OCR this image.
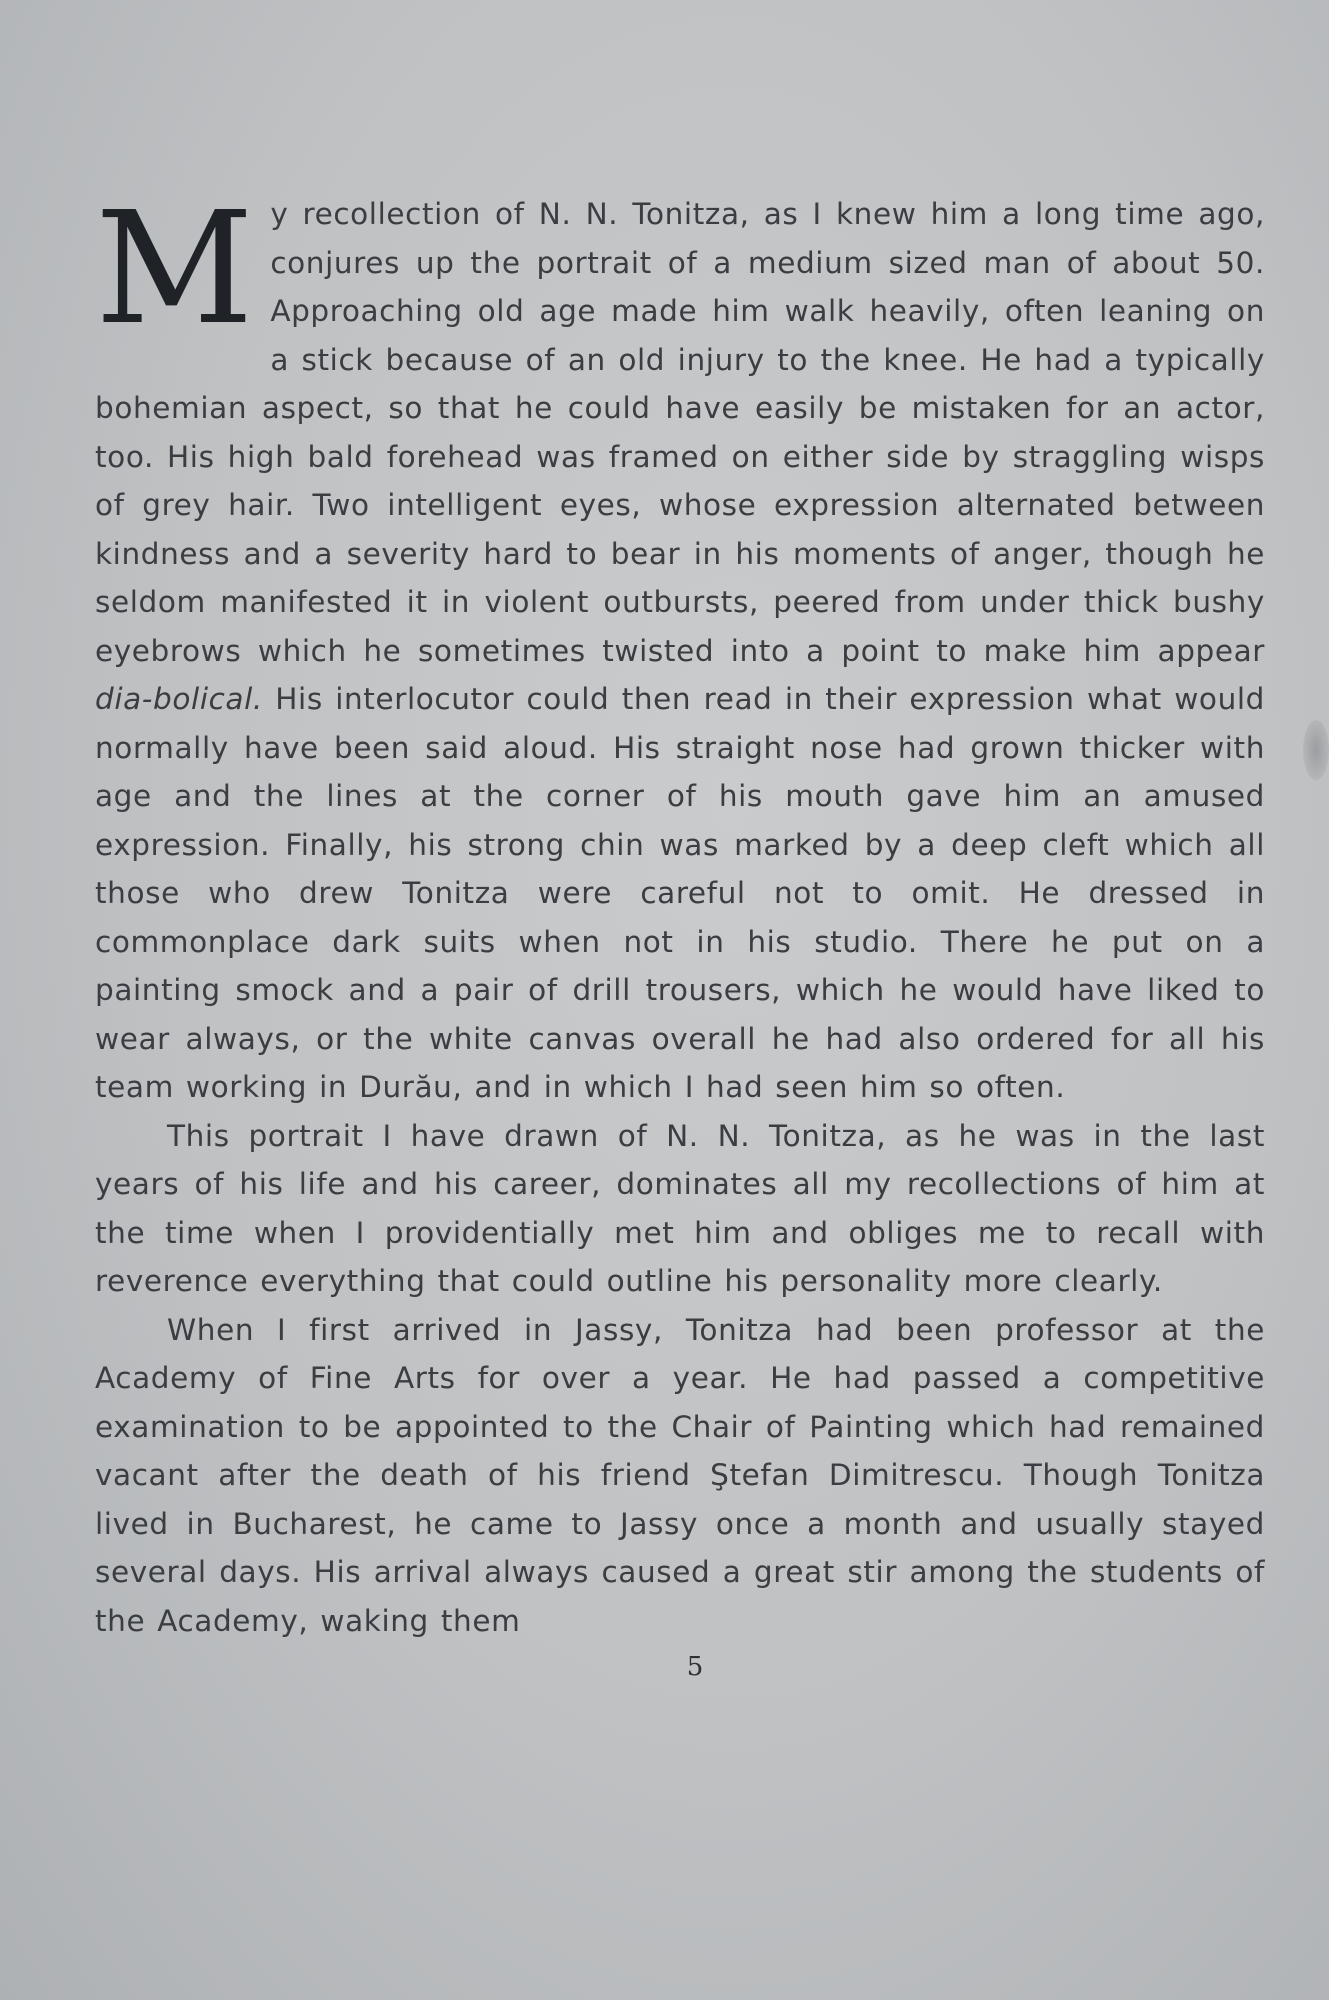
My recollection of N. N. Tonitza, as I knew him a long time ago, conjures up the portrait of a medium sized man of about 50. Approaching old age made him walk heavily, often leaning on a stick because of an old injury to the knee. He had a typically bohemian aspect, so that he could have easily be mistaken for an actor, too. His high bald forehead was framed on either side by straggling wisps of grey hair. Two intelligent eyes, whose expression alternated between kindness and a severity hard to bear in his moments of anger, though he seldom manifested it in violent outbursts, peered from under thick bushy eyebrows which he sometimes twisted into a point to make him appear dia-bolical. His interlocutor could then read in their expression what would normally have been said aloud. His straight nose had grown thicker with age and the lines at the corner of his mouth gave him an amused expression. Finally, his strong chin was marked by a deep cleft which all those who drew Tonitza were careful not to omit. He dressed in commonplace dark suits when not in his studio. There he put on a painting smock and a pair of drill trousers, which he would have liked to wear always, or the white canvas overall he had also ordered for all his team working in Durău, and in which I had seen him so often.

This portrait I have drawn of N. N. Tonitza, as he was in the last years of his life and his career, dominates all my recollections of him at the time when I providentially met him and obliges me to recall with reverence everything that could outline his personality more clearly.

When I first arrived in Jassy, Tonitza had been professor at the Academy of Fine Arts for over a year. He had passed a competitive examination to be appointed to the Chair of Painting which had remained vacant after the death of his friend Ştefan Dimitrescu. Though Tonitza lived in Bucharest, he came to Jassy once a month and usually stayed several days. His arrival always caused a great stir among the students of the Academy, waking them

5
